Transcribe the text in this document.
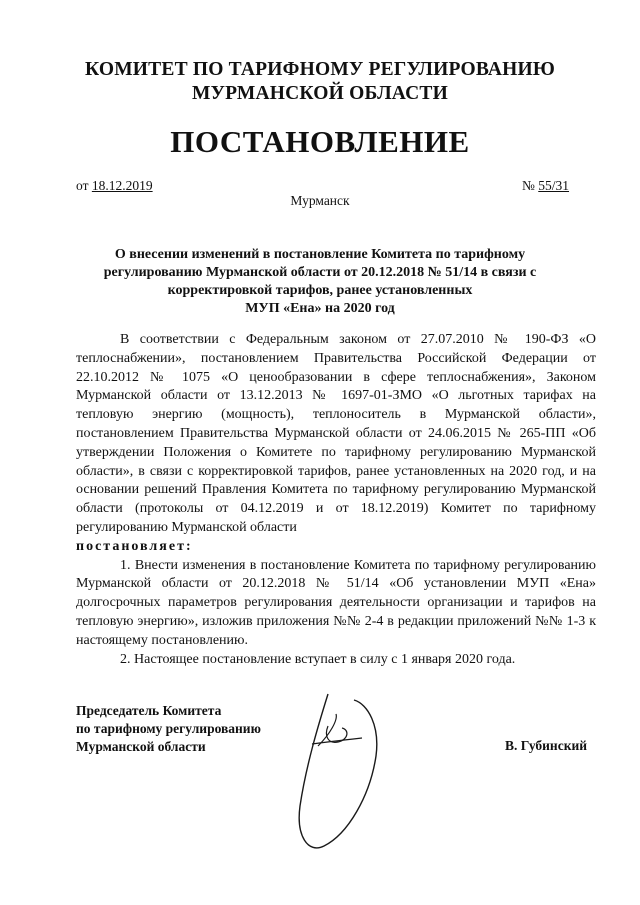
КОМИТЕТ ПО ТАРИФНОМУ РЕГУЛИРОВАНИЮ
МУРМАНСКОЙ ОБЛАСТИ
ПОСТАНОВЛЕНИЕ
от 18.12.2019	№ 55/31
Мурманск
О внесении изменений в постановление Комитета по тарифному
регулированию Мурманской области от 20.12.2018 № 51/14 в связи с
корректировкой тарифов, ранее установленных
МУП «Ена» на 2020 год

В соответствии с Федеральным законом от 27.07.2010 № 190-ФЗ «О теплоснабжении», постановлением Правительства Российской Федерации от 22.10.2012 № 1075 «О ценообразовании в сфере теплоснабжения», Законом Мурманской области от 13.12.2013 № 1697-01-ЗМО «О льготных тарифах на тепловую энергию (мощность), теплоноситель в Мурманской области», постановлением Правительства Мурманской области от 24.06.2015 № 265-ПП «Об утверждении Положения о Комитете по тарифному регулированию Мурманской области», в связи с корректировкой тарифов, ранее установленных на 2020 год, и на основании решений Правления Комитета по тарифному регулированию Мурманской области (протоколы от 04.12.2019 и от 18.12.2019) Комитет по тарифному регулированию Мурманской области

постановляет:

1. Внести изменения в постановление Комитета по тарифному регулированию Мурманской области от 20.12.2018 № 51/14 «Об установлении МУП «Ена» долгосрочных параметров регулирования деятельности организации и тарифов на тепловую энергию», изложив приложения №№ 2-4 в редакции приложений №№ 1-3 к настоящему постановлению.

2. Настоящее постановление вступает в силу с 1 января 2020 года.

Председатель Комитета
по тарифному регулированию
Мурманской области	В. Губинский
